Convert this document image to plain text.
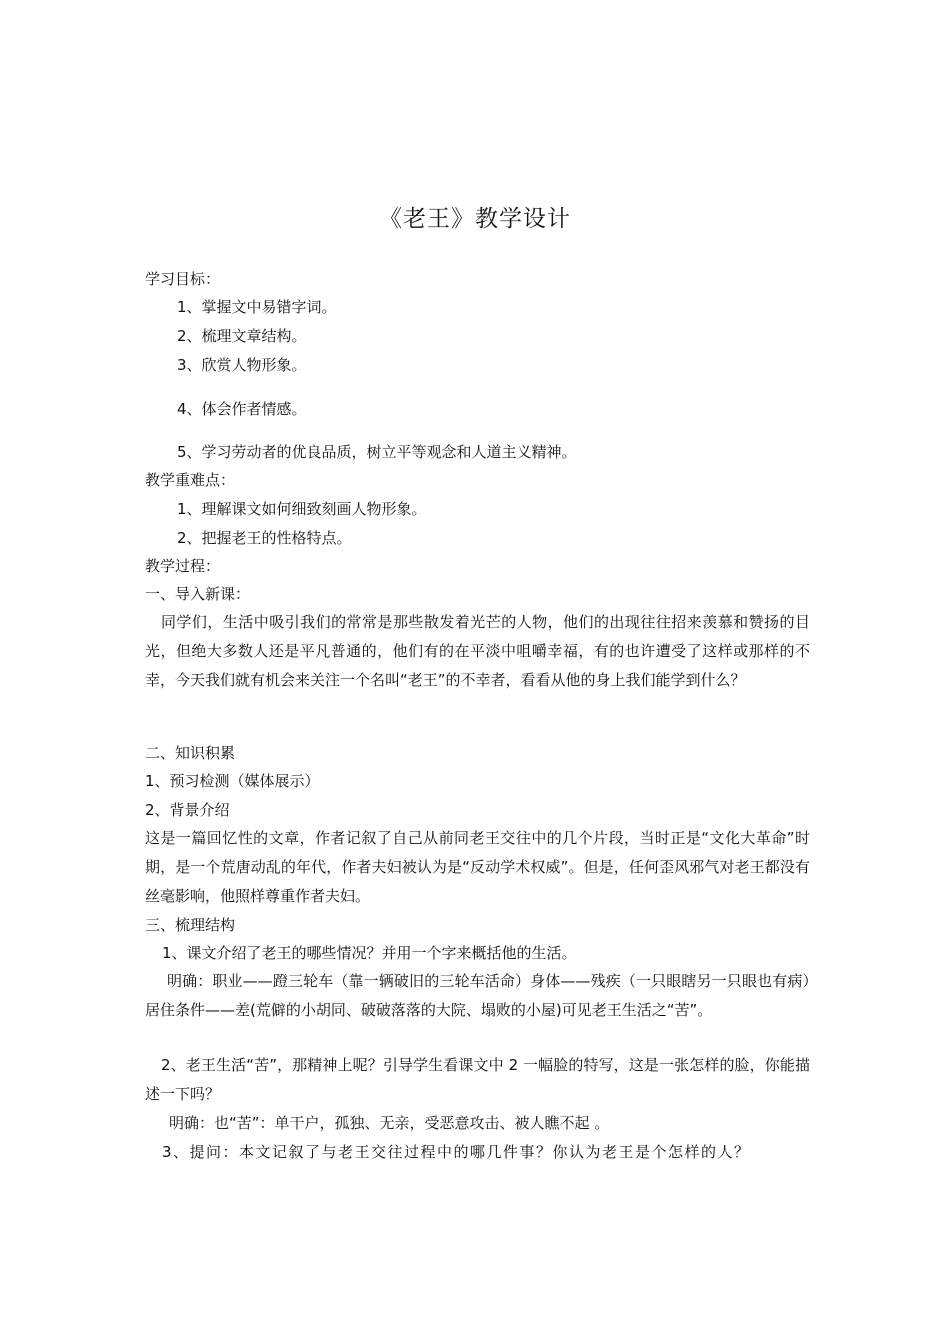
《老王》教学设计
学习目标：
1、掌握文中易错字词。
2、梳理文章结构。
3、欣赏人物形象。
4、体会作者情感。
5、学习劳动者的优良品质，树立平等观念和人道主义精神。
教学重难点：
1、理解课文如何细致刻画人物形象。
2、把握老王的性格特点。
教学过程：
一、导入新课：
同学们，生活中吸引我们的常常是那些散发着光芒的人物，他们的出现往往招来羡慕和赞扬的目光，但绝大多数人还是平凡普通的，他们有的在平淡中咀嚼幸福，有的也许遭受了这样或那样的不幸，今天我们就有机会来关注一个名叫“老王”的不幸者，看看从他的身上我们能学到什么？
二、知识积累
1、预习检测（媒体展示）
2、背景介绍
这是一篇回忆性的文章，作者记叙了自己从前同老王交往中的几个片段，当时正是“文化大革命”时期，是一个荒唐动乱的年代，作者夫妇被认为是“反动学术权威”。但是，任何歪风邪气对老王都没有丝毫影响，他照样尊重作者夫妇。
三、梳理结构
1、课文介绍了老王的哪些情况？并用一个字来概括他的生活。
明确：职业——蹬三轮车（靠一辆破旧的三轮车活命）身体——残疾（一只眼瞎另一只眼也有病）居住条件——差(荒僻的小胡同、破破落落的大院、塌败的小屋)可见老王生活之“苦”。
2、老王生活“苦”，那精神上呢？引导学生看课文中 2 一幅脸的特写，这是一张怎样的脸，你能描述一下吗？
明确：也“苦”：单干户，孤独、无亲，受恶意攻击、被人瞧不起 。
3、提问：本文记叙了与老王交往过程中的哪几件事？你认为老王是个怎样的人？
